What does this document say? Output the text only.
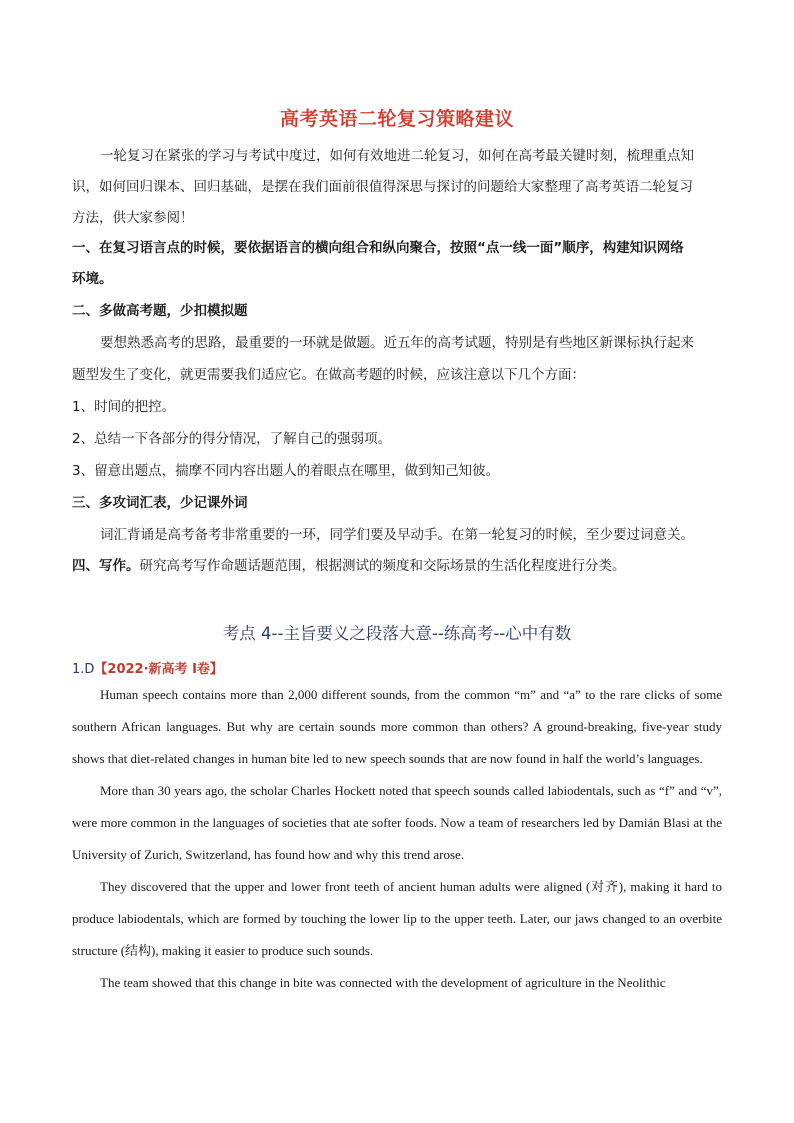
高考英语二轮复习策略建议
一轮复习在紧张的学习与考试中度过，如何有效地进二轮复习，如何在高考最关键时刻，梳理重点知
识，如何回归课本、回归基础，是摆在我们面前很值得深思与探讨的问题给大家整理了高考英语二轮复习
方法，供大家参阅！
一、在复习语言点的时候，要依据语言的横向组合和纵向聚合，按照“点一线一面”顺序，构建知识网络
环境。
二、多做高考题，少扣模拟题
要想熟悉高考的思路，最重要的一环就是做题。近五年的高考试题，特别是有些地区新课标执行起来
题型发生了变化，就更需要我们适应它。在做高考题的时候，应该注意以下几个方面：
1、时间的把控。
2、总结一下各部分的得分情况，了解自己的强弱项。
3、留意出题点，揣摩不同内容出题人的着眼点在哪里，做到知己知彼。
三、多攻词汇表，少记课外词
词汇背诵是高考备考非常重要的一环，同学们要及早动手。在第一轮复习的时候，至少要过词意关。
四、写作。研究高考写作命题话题范围，根据测试的频度和交际场景的生活化程度进行分类。
考点 4--主旨要义之段落大意--练高考--心中有数
1.D【2022·新高考 I卷】

Human speech contains more than 2,000 different sounds, from the common “m” and “a” to the rare clicks of some southern African languages. But why are certain sounds more common than others? A ground-breaking, five-year study shows that diet-related changes in human bite led to new speech sounds that are now found in half the world’s languages.

More than 30 years ago, the scholar Charles Hockett noted that speech sounds called labiodentals, such as “f” and “v”, were more common in the languages of societies that ate softer foods. Now a team of researchers led by Damián Blasi at the University of Zurich, Switzerland, has found how and why this trend arose.

They discovered that the upper and lower front teeth of ancient human adults were aligned (对齐), making it hard to produce labiodentals, which are formed by touching the lower lip to the upper teeth. Later, our jaws changed to an overbite structure (结构), making it easier to produce such sounds.

The team showed that this change in bite was connected with the development of agriculture in the Neolithic
